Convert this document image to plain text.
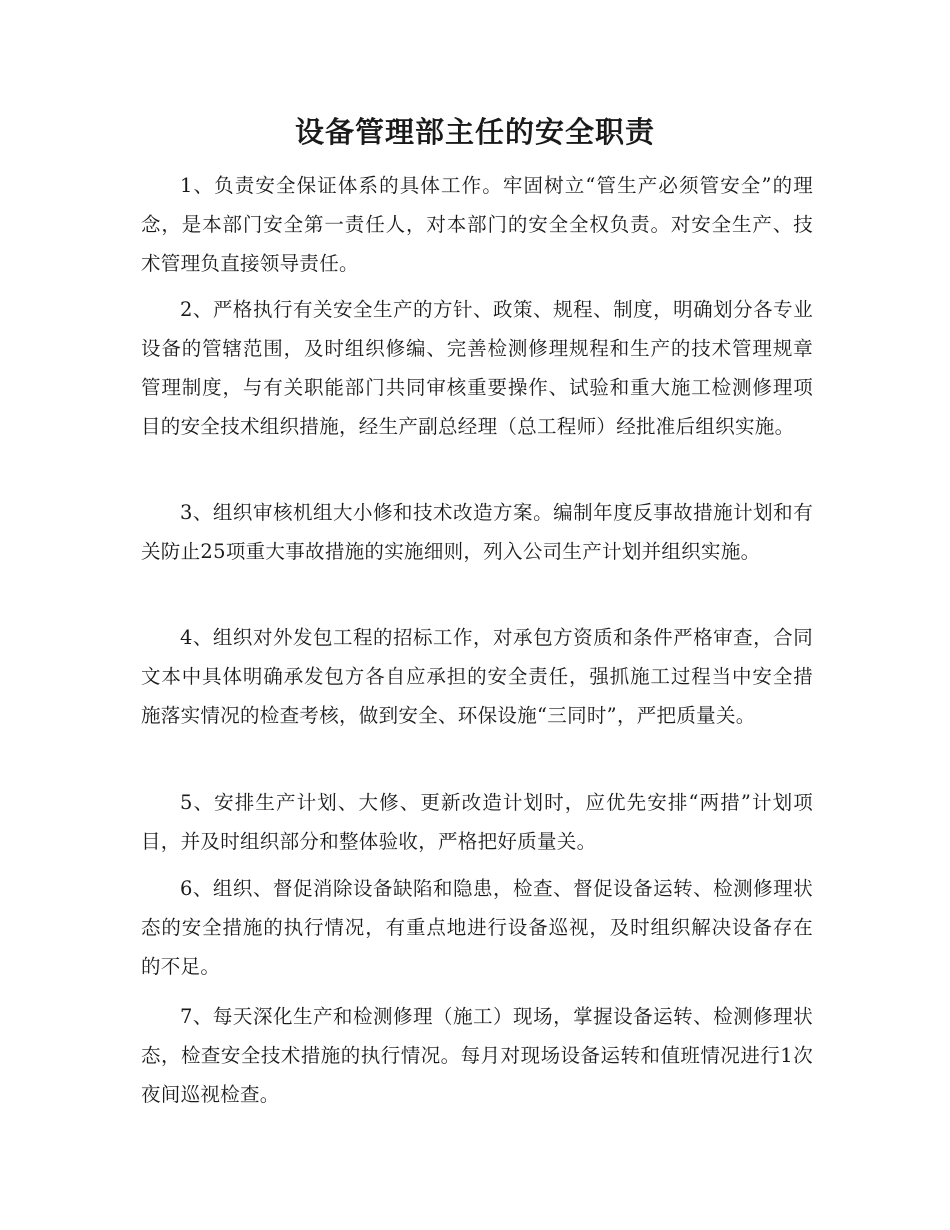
设备管理部主任的安全职责

1、负责安全保证体系的具体工作。牢固树立“管生产必须管安全”的理念，是本部门安全第一责任人，对本部门的安全全权负责。对安全生产、技术管理负直接领导责任。

2、严格执行有关安全生产的方针、政策、规程、制度，明确划分各专业设备的管辖范围，及时组织修编、完善检测修理规程和生产的技术管理规章管理制度，与有关职能部门共同审核重要操作、试验和重大施工检测修理项目的安全技术组织措施，经生产副总经理（总工程师）经批准后组织实施。

3、组织审核机组大小修和技术改造方案。编制年度反事故措施计划和有关防止25项重大事故措施的实施细则，列入公司生产计划并组织实施。

4、组织对外发包工程的招标工作，对承包方资质和条件严格审查，合同文本中具体明确承发包方各自应承担的安全责任，强抓施工过程当中安全措施落实情况的检查考核，做到安全、环保设施“三同时”，严把质量关。

5、安排生产计划、大修、更新改造计划时，应优先安排“两措”计划项目，并及时组织部分和整体验收，严格把好质量关。

6、组织、督促消除设备缺陷和隐患，检查、督促设备运转、检测修理状态的安全措施的执行情况，有重点地进行设备巡视，及时组织解决设备存在的不足。

7、每天深化生产和检测修理（施工）现场，掌握设备运转、检测修理状态，检查安全技术措施的执行情况。每月对现场设备运转和值班情况进行1次夜间巡视检查。
